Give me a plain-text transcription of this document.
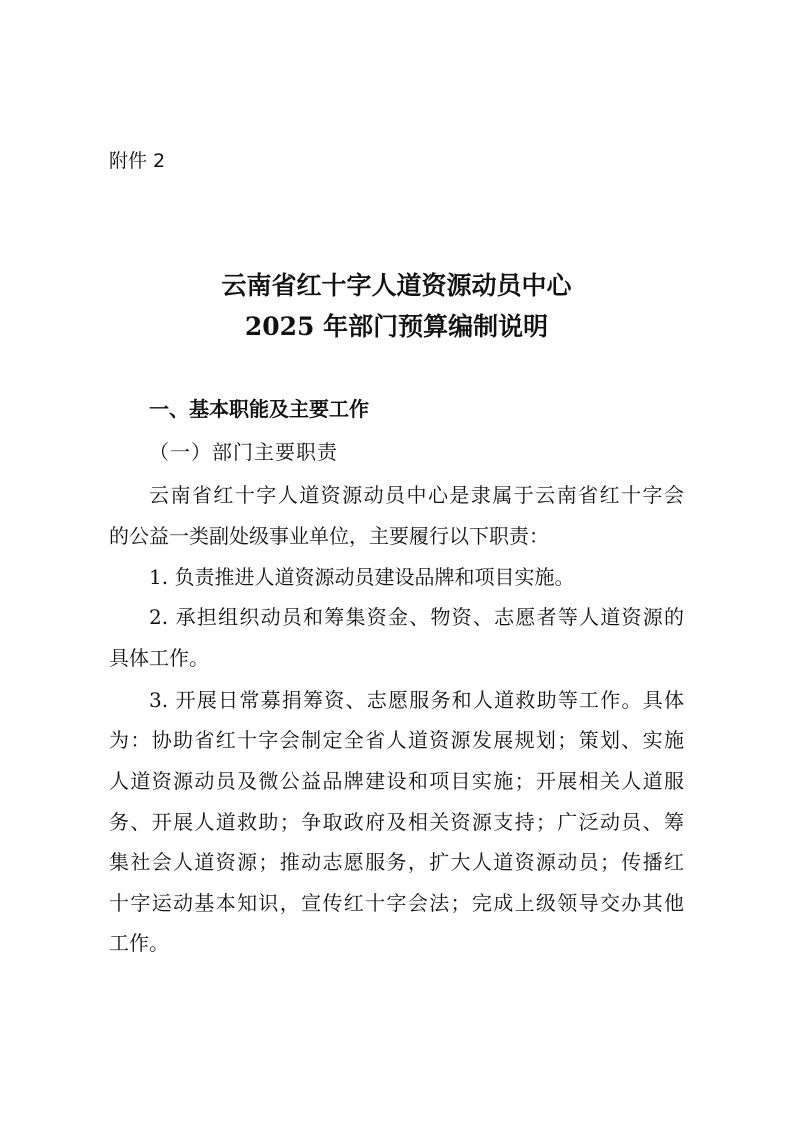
附件 2
云南省红十字人道资源动员中心
2025 年部门预算编制说明
一、基本职能及主要工作
（一）部门主要职责
云南省红十字人道资源动员中心是隶属于云南省红十字会
的公益一类副处级事业单位，主要履行以下职责：
1. 负责推进人道资源动员建设品牌和项目实施。
2. 承担组织动员和筹集资金、物资、志愿者等人道资源的
具体工作。
3. 开展日常募捐筹资、志愿服务和人道救助等工作。具体
为：协助省红十字会制定全省人道资源发展规划；策划、实施
人道资源动员及微公益品牌建设和项目实施；开展相关人道服
务、开展人道救助；争取政府及相关资源支持；广泛动员、筹
集社会人道资源；推动志愿服务，扩大人道资源动员；传播红
十字运动基本知识，宣传红十字会法；完成上级领导交办其他
工作。
